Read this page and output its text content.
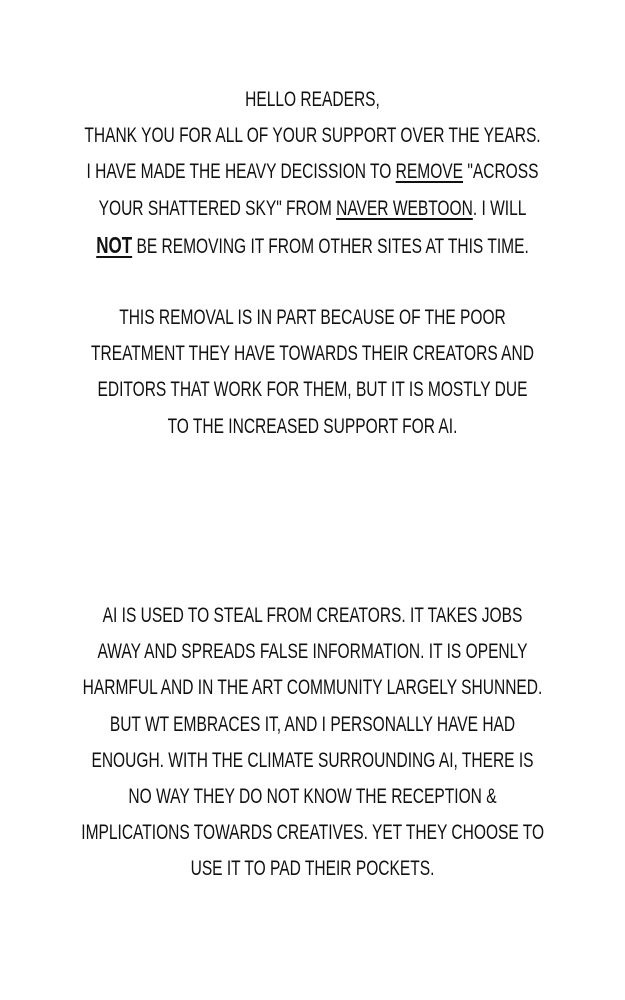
HELLO READERS,
THANK YOU FOR ALL OF YOUR SUPPORT OVER THE YEARS.
I HAVE MADE THE HEAVY DECISSION TO REMOVE "ACROSS
YOUR SHATTERED SKY" FROM NAVER WEBTOON. I WILL
NOT BE REMOVING IT FROM OTHER SITES AT THIS TIME.
THIS REMOVAL IS IN PART BECAUSE OF THE POOR
TREATMENT THEY HAVE TOWARDS THEIR CREATORS AND
EDITORS THAT WORK FOR THEM, BUT IT IS MOSTLY DUE
TO THE INCREASED SUPPORT FOR AI.
AI IS USED TO STEAL FROM CREATORS. IT TAKES JOBS
AWAY AND SPREADS FALSE INFORMATION. IT IS OPENLY
HARMFUL AND IN THE ART COMMUNITY LARGELY SHUNNED.
BUT WT EMBRACES IT, AND I PERSONALLY HAVE HAD
ENOUGH. WITH THE CLIMATE SURROUNDING AI, THERE IS
NO WAY THEY DO NOT KNOW THE RECEPTION &
IMPLICATIONS TOWARDS CREATIVES. YET THEY CHOOSE TO
USE IT TO PAD THEIR POCKETS.
